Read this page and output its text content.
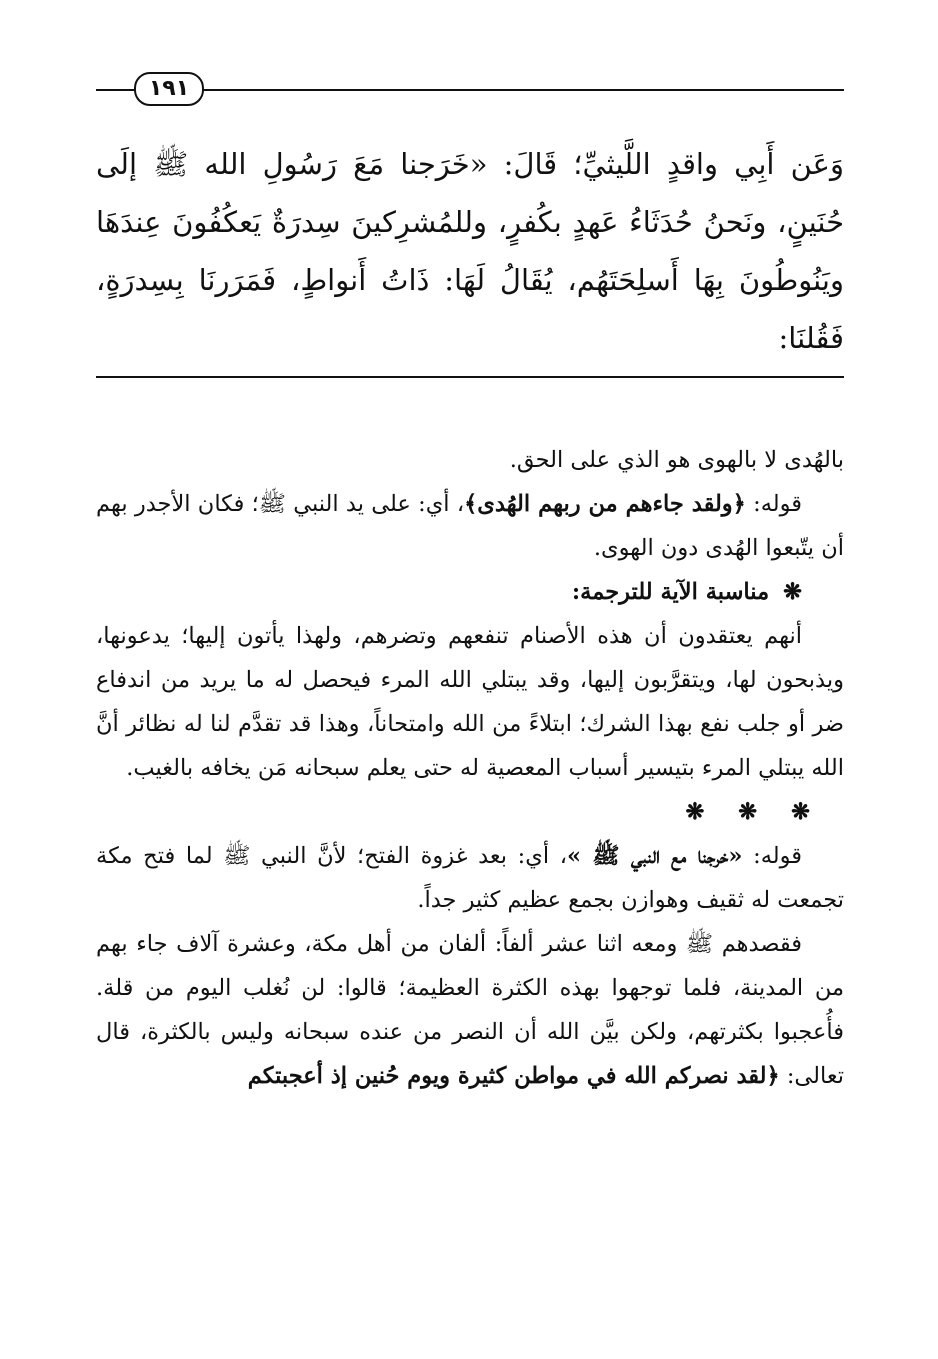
١٩١

وَعَن أَبِي واقدٍ اللَّيثيِّ؛ قَالَ: «خَرَجنا مَعَ رَسُولِ الله ﷺ إلَى

حُنَينٍ، ونَحنُ حُدَثَاءُ عَهدٍ بكُفرٍ، وللمُشرِكينَ سِدرَةٌ يَعكُفُونَ عِندَهَا

ويَنُوطُونَ بِهَا أَسلِحَتَهُم، يُقَالُ لَهَا: ذَاتُ أَنواطٍ، فَمَرَرنَا بِسِدرَةٍ، فَقُلنَا:

بالهُدى لا بالهوى هو الذي على الحق.

قوله: ﴿ولقد جاءهم من ربهم الهُدى﴾، أي: على يد النبي ﷺ؛ فكان الأجدر بهم أن يتّبعوا الهُدى دون الهوى.

❋مناسبة الآية للترجمة:

أنهم يعتقدون أن هذه الأصنام تنفعهم وتضرهم، ولهذا يأتون إليها؛ يدعونها، ويذبحون لها، ويتقرَّبون إليها، وقد يبتلي الله المرء فيحصل له ما يريد من اندفاع ضر أو جلب نفع بهذا الشرك؛ ابتلاءً من الله وامتحاناً، وهذا قد تقدَّم لنا له نظائر أنَّ الله يبتلي المرء بتيسير أسباب المعصية له حتى يعلم سبحانه مَن يخافه بالغيب.

❋❋❋

قوله: «خرجنا مع النبي ﷺ »، أي: بعد غزوة الفتح؛ لأنَّ النبي ﷺ لما فتح مكة تجمعت له ثقيف وهوازن بجمع عظيم كثير جداً.

فقصدهم ﷺ ومعه اثنا عشر ألفاً: ألفان من أهل مكة، وعشرة آلاف جاء بهم من المدينة، فلما توجهوا بهذه الكثرة العظيمة؛ قالوا: لن نُغلب اليوم من قلة. فأُعجبوا بكثرتهم، ولكن بيَّن الله أن النصر من عنده سبحانه وليس بالكثرة، قال تعالى: ﴿لقد نصركم الله في مواطن كثيرة ويوم حُنين إذ أعجبتكم
